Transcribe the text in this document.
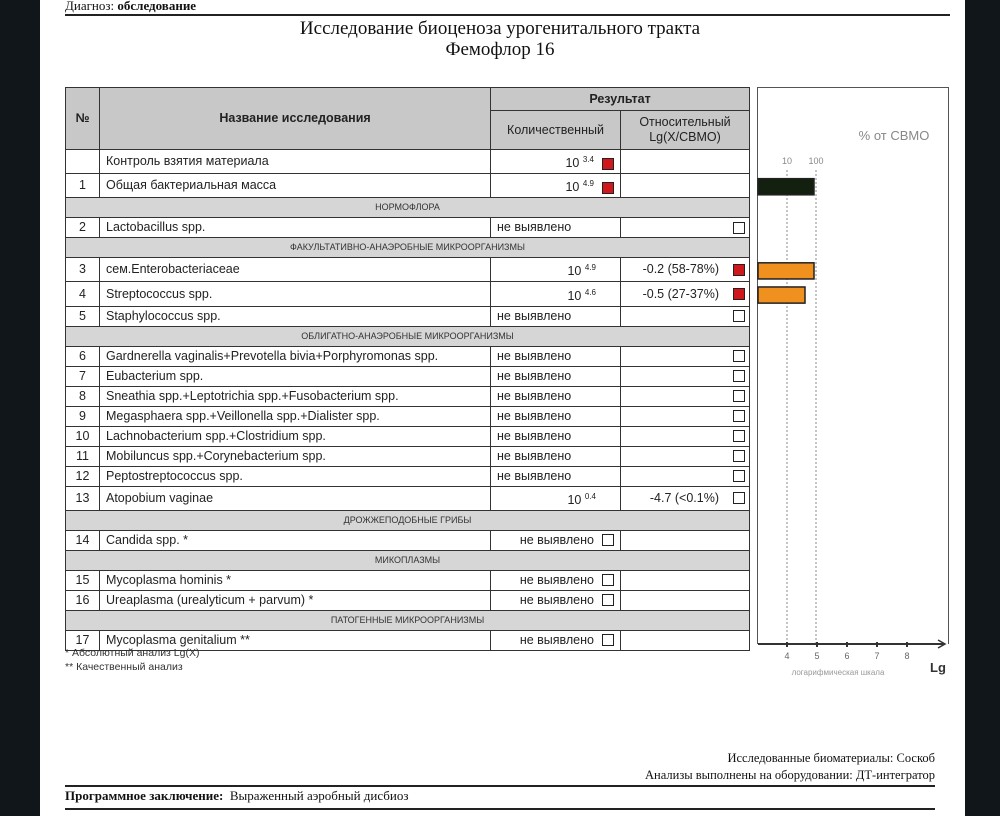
Диагноз: обследование
Исследование биоценоза урогенитального тракта
Фемофлор 16
№	Название исследования	Результат	
		Количественный	Относительный
Lg(X/СВМО)
	Контроль взятия материала	10 $^{3.4}$	
1	Общая бактериальная масса	10 $^{4.9}$	
НОРМОФЛОРА			
2	Lactobacillus spp.	не выявлено	
ФАКУЛЬТАТИВНО-АНАЭРОБНЫЕ МИКРООРГАНИЗМЫ			
3	сем.Enterobacteriaceae	10 $^{4.9}$	-0.2 (58-78%)
4	Streptococcus spp.	10 $^{4.6}$	-0.5 (27-37%)
5	Staphylococcus spp.	не выявлено	
ОБЛИГАТНО-АНАЭРОБНЫЕ МИКРООРГАНИЗМЫ			
6	Gardnerella vaginalis+Prevotella bivia+Porphyromonas spp.	не выявлено	
7	Eubacterium spp.	не выявлено	
8	Sneathia spp.+Leptotrichia spp.+Fusobacterium spp.	не выявлено	
9	Megasphaera spp.+Veillonella spp.+Dialister spp.	не выявлено	
10	Lachnobacterium spp.+Clostridium spp.	не выявлено	
11	Mobiluncus spp.+Corynebacterium spp.	не выявлено	
12	Peptostreptococcus spp.	не выявлено	
13	Atopobium vaginae	10 $^{0.4}$	-4.7 (<0.1%)
ДРОЖЖЕПОДОБНЫЕ ГРИБЫ			
14	Candida spp. *	не выявлено	
МИКОПЛАЗМЫ			
15	Mycoplasma hominis *	не выявлено	
16	Ureaplasma (urealyticum + parvum) *	не выявлено	
ПАТОГЕННЫЕ МИКРООРГАНИЗМЫ			
17	Mycoplasma genitalium **	не выявлено	
% от СВМО
10 100
4	5	6	7	8
логарифмическая шкала	Lg
* Абсолютный анализ Lg(X)
** Качественный анализ
Исследованные биоматериалы: Соскоб
Анализы выполнены на оборудовании: ДТ-интегратор
Программное заключение: Выраженный аэробный дисбиоз
